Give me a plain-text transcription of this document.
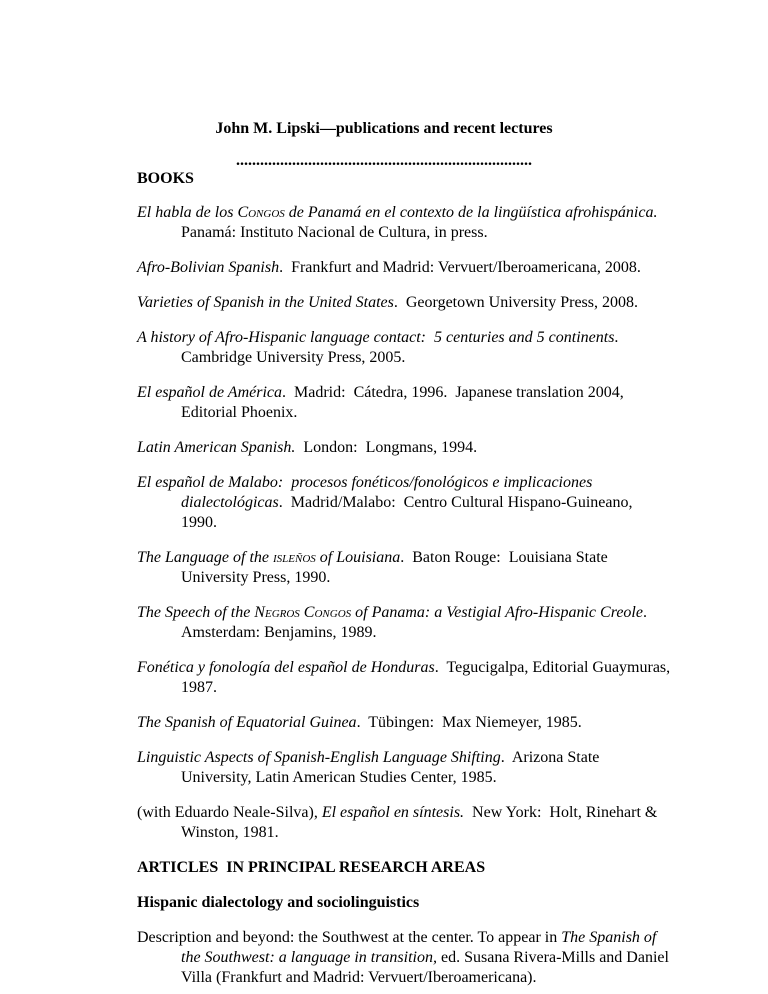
John M. Lipski—publications and recent lectures
..........................................................................
BOOKS

El habla de los Congos de Panamá en el contexto de la lingüística afrohispánica. Panamá: Instituto Nacional de Cultura, in press.

Afro-Bolivian Spanish.  Frankfurt and Madrid: Vervuert/Iberoamericana, 2008.

Varieties of Spanish in the United States.  Georgetown University Press, 2008.

A history of Afro-Hispanic language contact:  5 centuries and 5 continents.  Cambridge University Press, 2005.

El español de América.  Madrid:  Cátedra, 1996.  Japanese translation 2004, Editorial Phoenix.

Latin American Spanish.  London:  Longmans, 1994.

El español de Malabo:  procesos fonéticos/fonológicos e implicaciones dialectológicas.  Madrid/Malabo:  Centro Cultural Hispano-Guineano, 1990.

The Language of the isleños of Louisiana.  Baton Rouge:  Louisiana State University Press, 1990.

The Speech of the Negros Congos of Panama: a Vestigial Afro-Hispanic Creole.  Amsterdam: Benjamins, 1989.

Fonética y fonología del español de Honduras.  Tegucigalpa, Editorial Guaymuras, 1987.

The Spanish of Equatorial Guinea.  Tübingen:  Max Niemeyer, 1985.

Linguistic Aspects of Spanish-English Language Shifting.  Arizona State University, Latin American Studies Center, 1985.

(with Eduardo Neale-Silva), El español en síntesis.  New York:  Holt, Rinehart & Winston, 1981.

ARTICLES  IN PRINCIPAL RESEARCH AREAS
Hispanic dialectology and sociolinguistics

Description and beyond: the Southwest at the center. To appear in The Spanish of the Southwest: a language in transition, ed. Susana Rivera-Mills and Daniel Villa (Frankfurt and Madrid: Vervuert/Iberoamericana).
